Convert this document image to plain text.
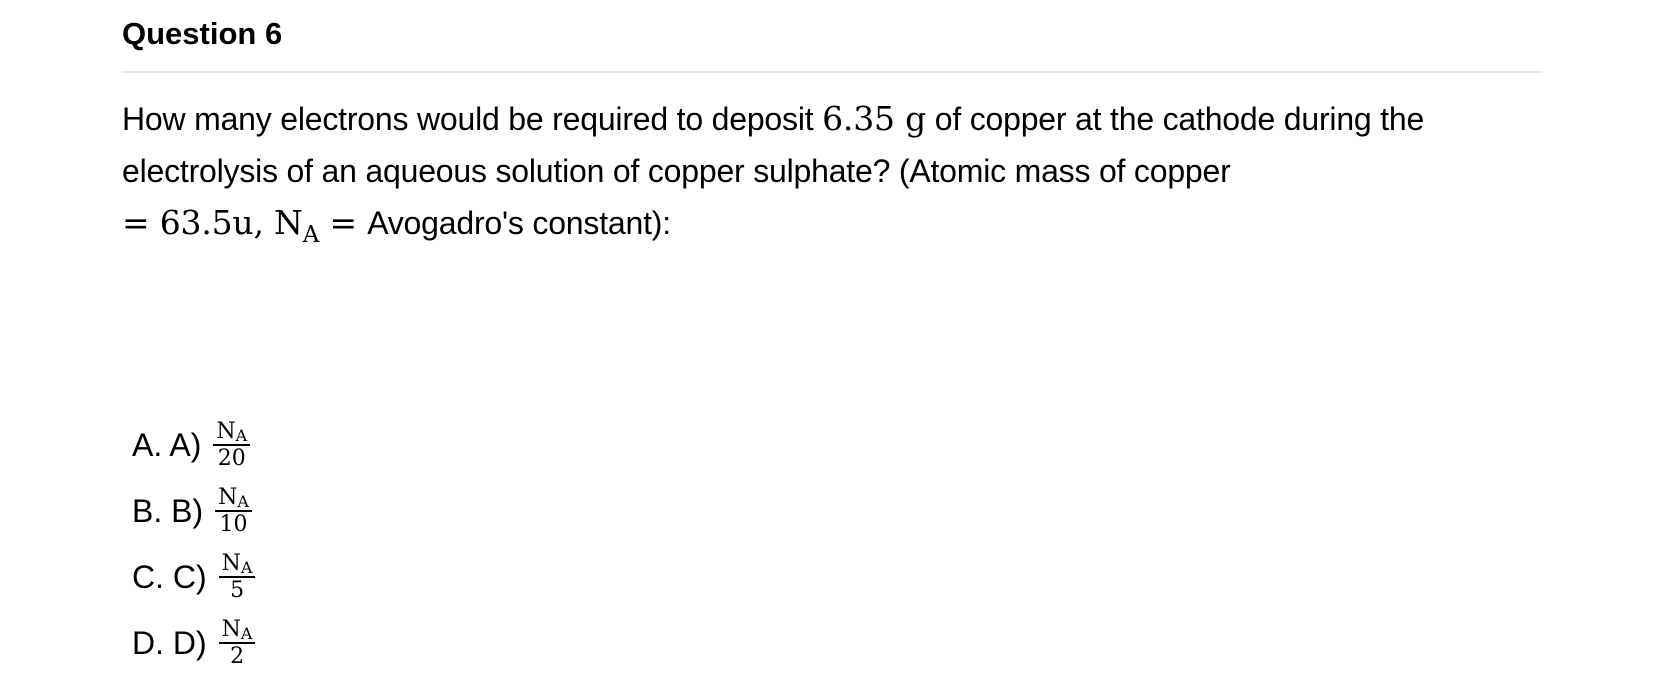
Question 6
How many electrons would be required to deposit 6.35 g of copper at the cathode during the electrolysis of an aqueous solution of copper sulphate? (Atomic mass of copper
= 63.5u, $N_A$ = Avogadro's constant):
A. $A) \frac{N_A}{20}$
B. $B) \frac{N_A}{10}$
C. $C) \frac{N_A}{5}$
D. $D) \frac{N_A}{2}$
